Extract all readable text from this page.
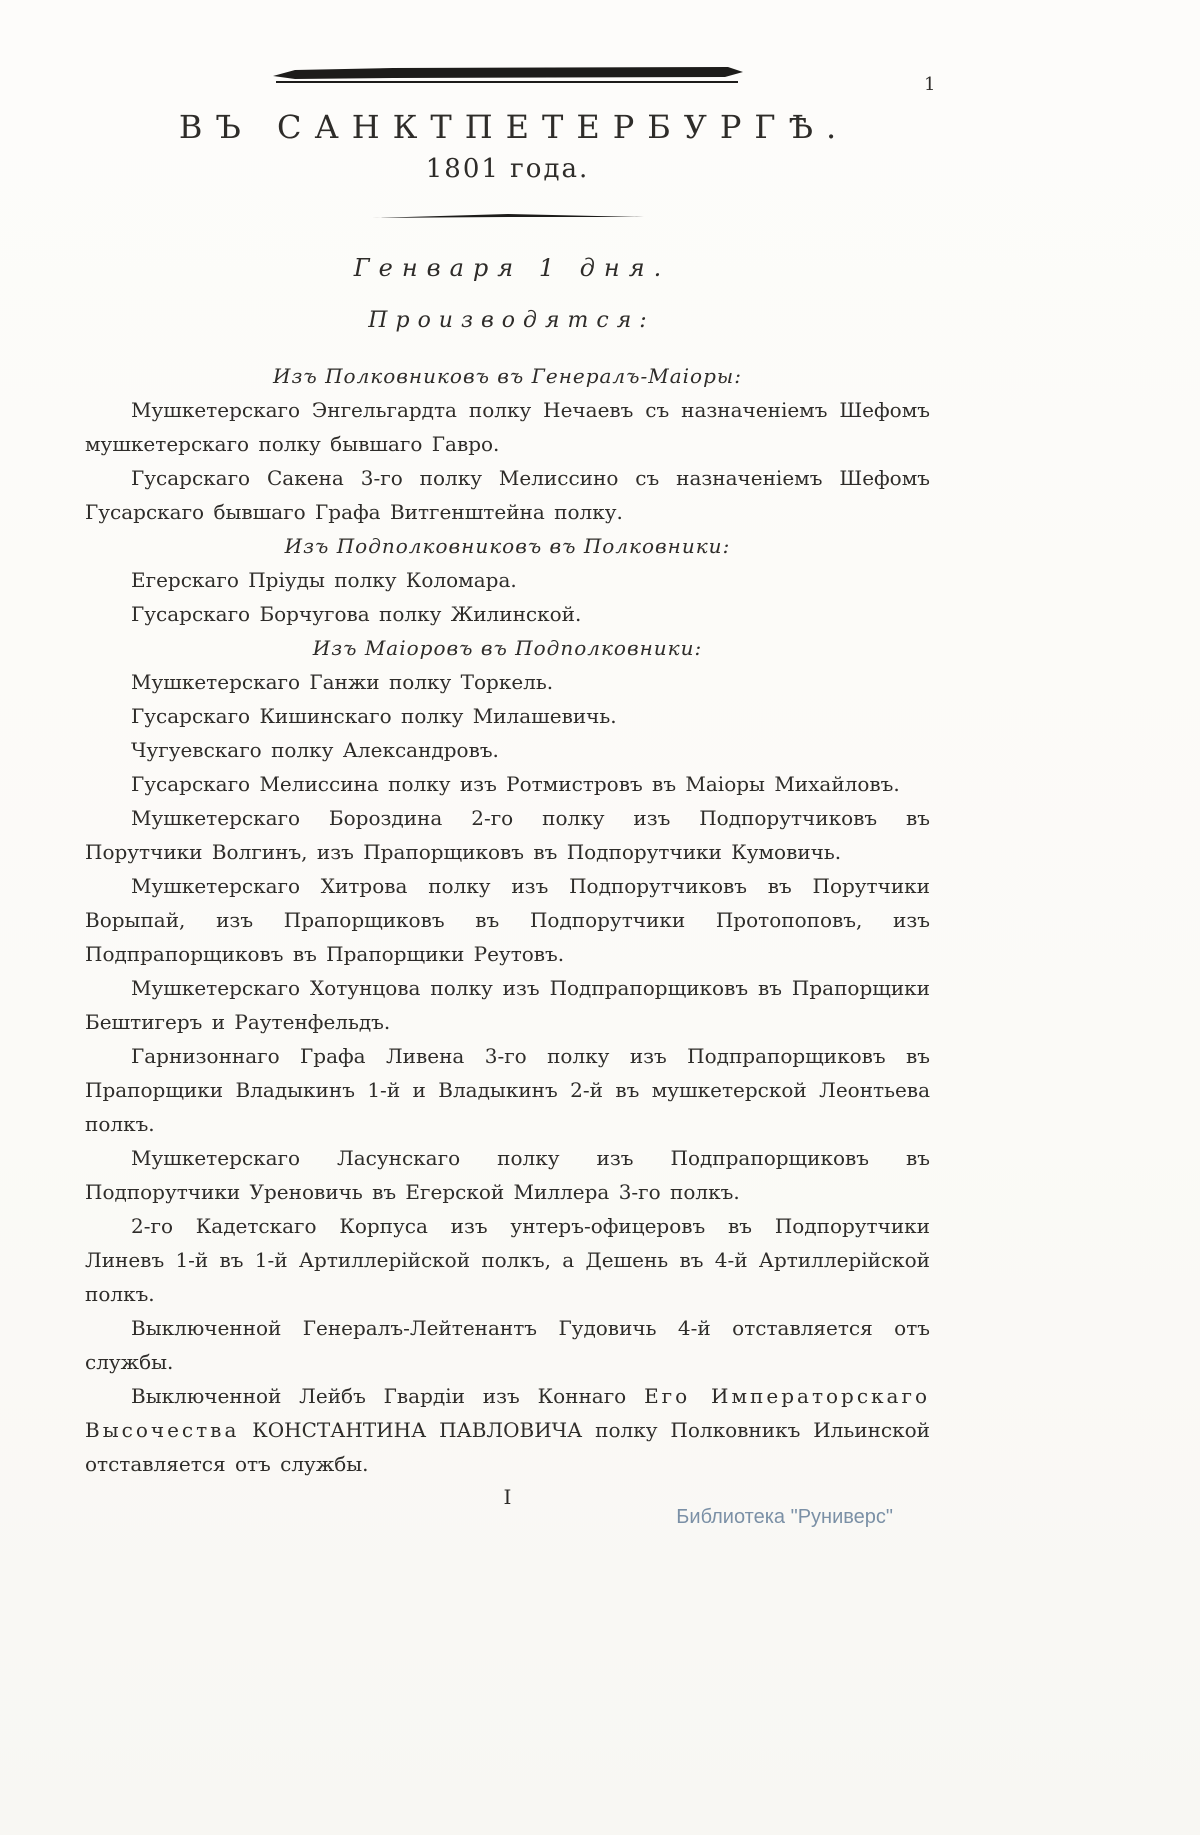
1
ВЪ САНКТПЕТЕРБУРГѢ.
1801 года.
Генваря 1 дня.
Производятся:

Изъ Полковниковъ въ Генералъ-Маіоры:

Мушкетерскаго Энгельгардта полку Нечаевъ съ назначеніемъ Шефомъ мушкетерскаго полку бывшаго Гавро.

Гусарскаго Сакена 3-го полку Мелиссино съ назначеніемъ Шефомъ Гусарскаго бывшаго Графа Витгенштейна полку.

Изъ Подполковниковъ въ Полковники:

Егерскаго Пріуды полку Коломара.

Гусарскаго Борчугова полку Жилинской.

Изъ Маіоровъ въ Подполковники:

Мушкетерскаго Ганжи полку Торкель.

Гусарскаго Кишинскаго полку Милашевичь.

Чугуевскаго полку Александровъ.

Гусарскаго Мелиссина полку изъ Ротмистровъ въ Маіоры Михайловъ.

Мушкетерскаго Бороздина 2-го полку изъ Подпорутчиковъ въ Порутчики Волгинъ, изъ Прапорщиковъ въ Подпорутчики Кумовичь.

Мушкетерскаго Хитрова полку изъ Подпорутчиковъ въ Порутчики Ворыпай, изъ Прапорщиковъ въ Подпорутчики Протопоповъ, изъ Подпрапорщиковъ въ Прапорщики Реутовъ.

Мушкетерскаго Хотунцова полку изъ Подпрапорщиковъ въ Прапорщики Бештигеръ и Раутенфельдъ.

Гарнизоннаго Графа Ливена 3-го полку изъ Подпрапорщиковъ въ Прапорщики Владыкинъ 1-й и Владыкинъ 2-й въ мушкетерской Леонтьева полкъ.

Мушкетерскаго Ласунскаго полку изъ Подпрапорщиковъ въ Подпорутчики Уреновичь въ Егерской Миллера 3-го полкъ.

2-го Кадетскаго Корпуса изъ унтеръ-офицеровъ въ Подпорутчики Линевъ 1-й въ 1-й Артиллерійской полкъ, а Дешень въ 4-й Артиллерійской полкъ.

Выключенной Генералъ-Лейтенантъ Гудовичь 4-й отставляется отъ службы.

Выключенной Лейбъ Гвардіи изъ Коннаго Его Императорскаго Высочества КОНСТАНТИНА ПАВЛОВИЧА полку Полковникъ Ильинской отставляется отъ службы.

I
Библиотека "Руниверс"
